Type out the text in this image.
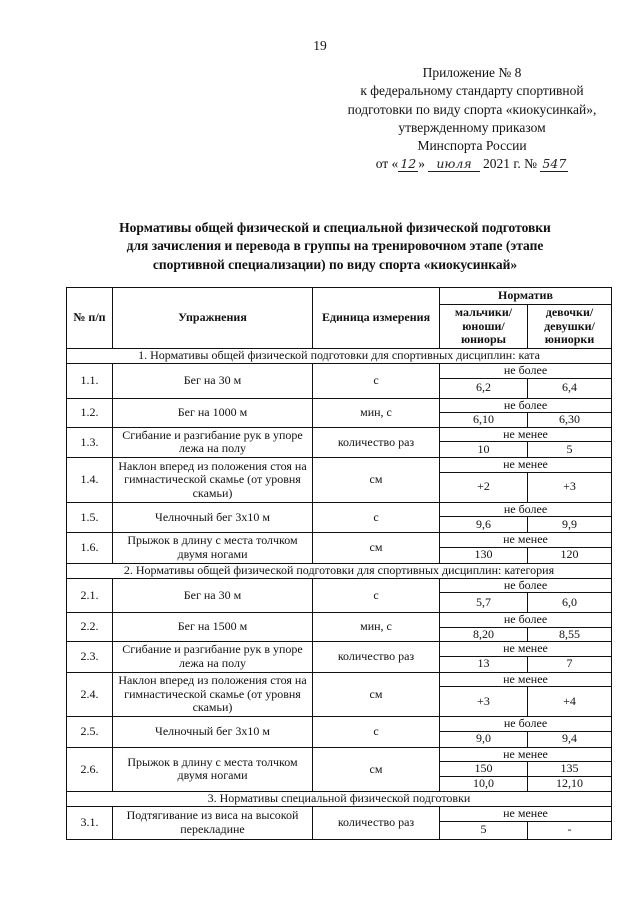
19
Приложение № 8
к федеральному стандарту спортивной
подготовки по виду спорта «киокусинкай»,
утвержденному приказом
Минспорта России
от « 12 » июля 2021 г. № 547
Нормативы общей физической и специальной физической подготовки
для зачисления и перевода в группы на тренировочном этапе (этапе
спортивной специализации) по виду спорта «киокусинкай»
№ п/п	Упражнения	Единица измерения	Норматив	
			мальчики/ юноши/ юниоры	девочки/ девушки/ юниорки
1. Нормативы общей физической подготовки для спортивных дисциплин: ката				
1.1.	Бег на 30 м	с	не более	
			6,2	6,4
1.2.	Бег на 1000 м	мин, с	не более	
			6,10	6,30
1.3.	Сгибание и разгибание рук в упоре лежа на полу	количество раз	не менее	
			10	5
1.4.	Наклон вперед из положения стоя на гимнастической скамье (от уровня скамьи)	см	не менее	
			+2	+3
1.5.	Челночный бег 3х10 м	с	не более	
			9,6	9,9
1.6.	Прыжок в длину с места толчком двумя ногами	см	не менее	
			130	120
2. Нормативы общей физической подготовки для спортивных дисциплин: категория				
2.1.	Бег на 30 м	с	не более	
			5,7	6,0
2.2.	Бег на 1500 м	мин, с	не более	
			8,20	8,55
2.3.	Сгибание и разгибание рук в упоре лежа на полу	количество раз	не менее	
			13	7
2.4.	Наклон вперед из положения стоя на гимнастической скамье (от уровня скамьи)	см	не менее	
			+3	+4
2.5.	Челночный бег 3х10 м	с	не более	
			9,0	9,4
2.6.	Прыжок в длину с места толчком двумя ногами	см	не менее	
			150	135
			10,0	12,10
3. Нормативы специальной физической подготовки				
3.1.	Подтягивание из виса на высокой перекладине	количество раз	не менее	
			5	-
